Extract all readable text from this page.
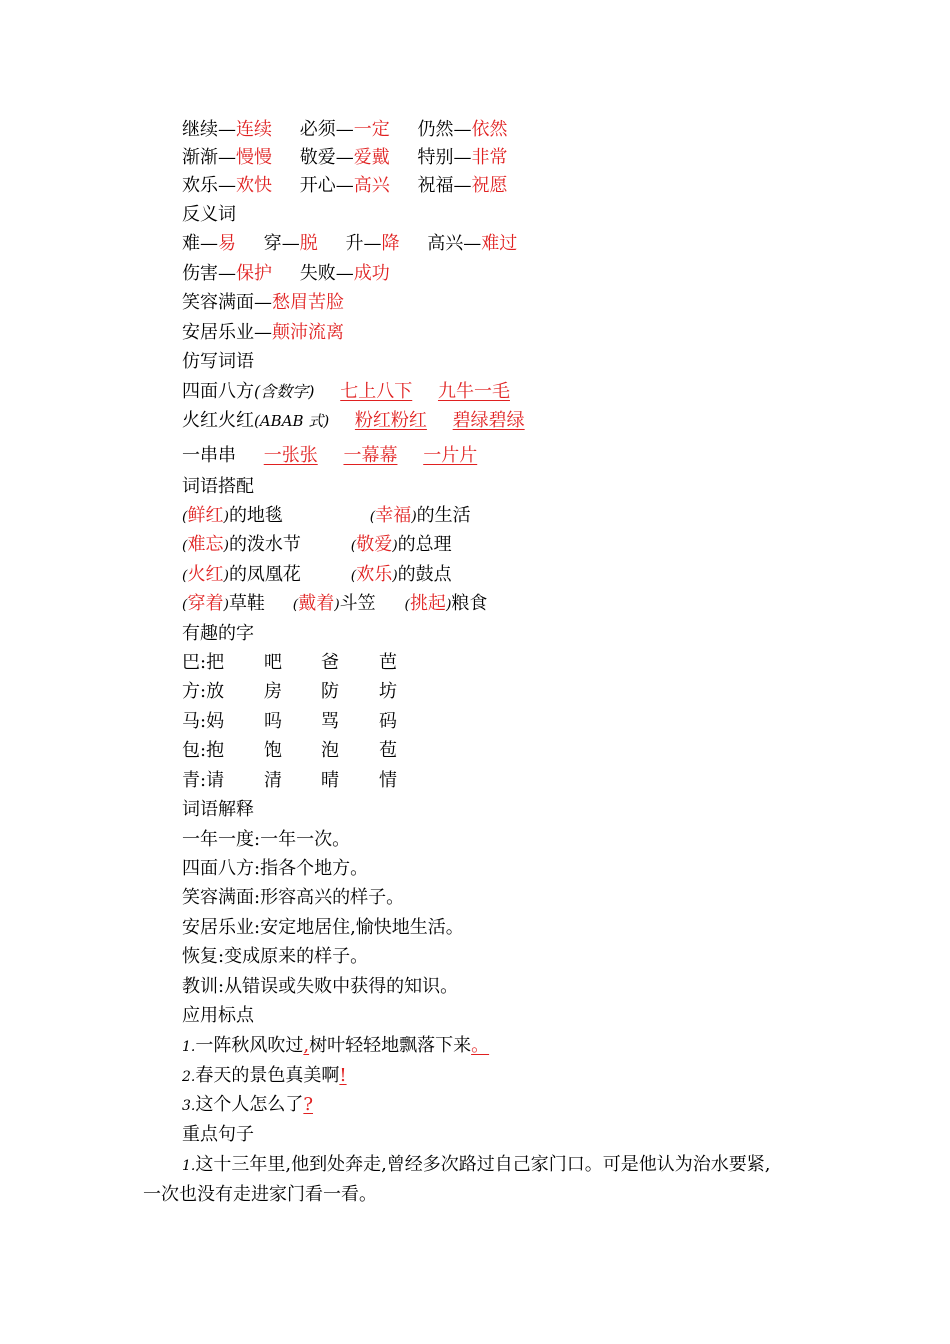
继续—连续 必须—一定 仍然—依然
渐渐—慢慢 敬爱—爱戴 特别—非常
欢乐—欢快 开心—高兴 祝福—祝愿
反义词
难—易 穿—脱 升—降 高兴—难过
伤害—保护 失败—成功
笑容满面—愁眉苦脸
安居乐业—颠沛流离
仿写词语
四面八方(含数字) 七上八下 九牛一毛
火红火红(ABAB 式) 粉红粉红 碧绿碧绿
一串串 一张张 一幕幕 一片片
词语搭配
(鲜红)的地毯	(幸福)的生活
(难忘)的泼水节	(敬爱)的总理
(火红)的凤凰花	(欢乐)的鼓点
(穿着)草鞋 (戴着)斗笠 (挑起)粮食
有趣的字
巴:把 吧 爸 芭
方:放 房 防 坊
马:妈 吗 骂 码
包:抱 饱 泡 苞
青:请 清 晴 情
词语解释
一年一度:一年一次。
四面八方:指各个地方。
笑容满面:形容高兴的样子。
安居乐业:安定地居住,愉快地生活。
恢复:变成原来的样子。
教训:从错误或失败中获得的知识。
应用标点
1.一阵秋风吹过,树叶轻轻地飘落下来。
2.春天的景色真美啊!
3.这个人怎么了?
重点句子
1.这十三年里,他到处奔走,曾经多次路过自己家门口。可是他认为治水要紧,
一次也没有走进家门看一看。
